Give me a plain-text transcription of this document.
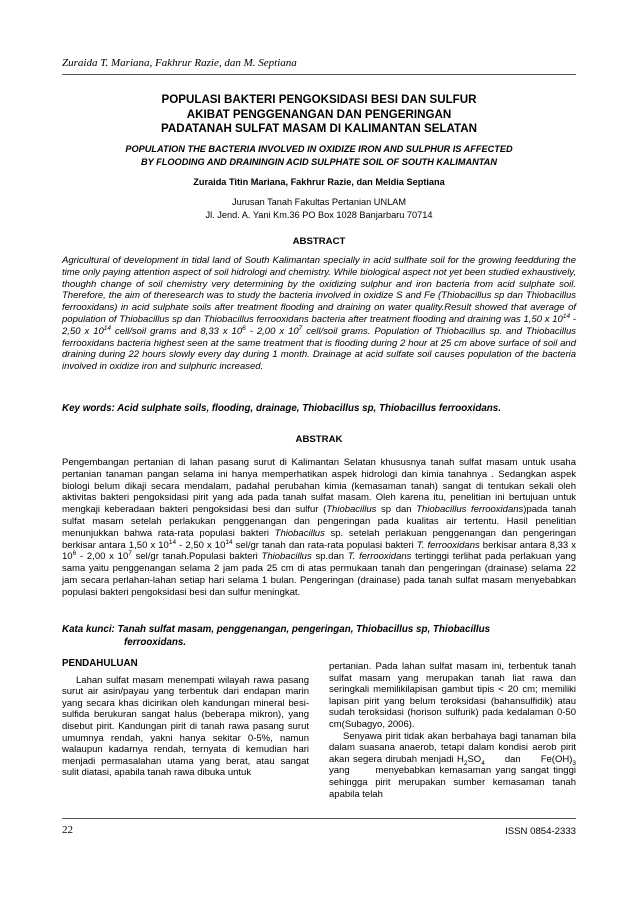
Zuraida T. Mariana, Fakhrur Razie, dan M. Septiana
POPULASI BAKTERI PENGOKSIDASI BESI DAN SULFUR
AKIBAT PENGGENANGAN DAN PENGERINGAN
PADATANAH SULFAT MASAM DI KALIMANTAN SELATAN
POPULATION THE BACTERIA INVOLVED IN OXIDIZE IRON AND SULPHUR IS AFFECTED
BY FLOODING AND DRAININGIN ACID SULPHATE SOIL OF SOUTH KALIMANTAN
Zuraida Titin Mariana, Fakhrur Razie, dan Meldia Septiana
Jurusan Tanah Fakultas Pertanian UNLAM
Jl. Jend. A. Yani Km.36 PO Box 1028 Banjarbaru 70714
ABSTRACT
Agricultural of development in tidal land of South Kalimantan specially in acid sulfhate soil for the growing feedduring the time only paying attention aspect of soil hidrologi and chemistry. While biological aspect not yet been studied exhaustively, thoughh change of soil chemistry very determining by the oxidizing sulphur and iron bacteria from acid sulphate soil. Therefore, the aim of theresearch was to study the bacteria involved in oxidize S and Fe (Thiobacillus sp dan Thiobacillus ferrooxidans) in acid sulphate soils after treatment flooding and draining on water quality.Result showed that average of population of Thiobacillus sp dan Thiobacillus ferrooxidans bacteria after treatment flooding and draining was 1,50 x $10^{14} - 2,50$ x $10^{14}$ cell/soil grams and 8,33 x $10^6 - 2,00$ x $10^7$ cell/soil grams. Population of Thiobacillus sp. and Thiobacillus ferrooxidans bacteria highest seen at the same treatment that is flooding during 2 hour at 25 cm above surface of soil and draining during 22 hours slowly every day during 1 month. Drainage at acid sulfate soil causes population of the bacteria involved in oxidize iron and sulphuric increased.
Key words: Acid sulphate soils, flooding, drainage, Thiobacillus sp, Thiobacillus ferrooxidans.
ABSTRAK
Pengembangan pertanian di lahan pasang surut di Kalimantan Selatan khususnya tanah sulfat masam untuk usaha pertanian tanaman pangan selama ini hanya memperhatikan aspek hidrologi dan kimia tanahnya . Sedangkan aspek biologi belum dikaji secara mendalam, padahal perubahan kimia (kemasaman tanah) sangat di tentukan sekali oleh aktivitas bakteri pengoksidasi pirit yang ada pada tanah sulfat masam. Oleh karena itu, penelitian ini bertujuan untuk mengkaji keberadaan bakteri pengoksidasi besi dan sulfur (Thiobacillus sp dan Thiobacillus ferrooxidans)pada tanah sulfat masam setelah perlakukan penggenangan dan pengeringan pada kualitas air tertentu. Hasil penelitian menunjukkan bahwa rata-rata populasi bakteri Thiobacillus sp. setelah perlakuan penggenangan dan pengeringan berkisar antara 1,50 x $10^{14} - 2,50$ x $10^{14}$ sel/gr tanah dan rata-rata populasi bakteri T. ferrooxidans berkisar antara 8,33 x $10^6 - 2,00$ x $10^7$ sel/gr tanah.Populasi bakteri Thiobacillus sp.dan T. ferrooxidans tertinggi terlihat pada perlakuan yang sama yaitu penggenangan selama 2 jam pada 25 cm di atas permukaan tanah dan pengeringan (drainase) selama 22 jam secara perlahan-lahan setiap hari selama 1 bulan. Pengeringan (drainase) pada tanah sulfat masam menyebabkan populasi bakteri pengoksidasi besi dan sulfur meningkat.
Kata kunci: Tanah sulfat masam, penggenangan, pengeringan, Thiobacillus sp, Thiobacillus
ferrooxidans.
PENDAHULUAN

Lahan sulfat masam menempati wilayah rawa pasang surut air asin/payau yang terbentuk dari endapan marin yang secara khas dicirikan oleh kandungan mineral besi-sulfida berukuran sangat halus (beberapa mikron), yang disebut pirit. Kandungan pirit di tanah rawa pasang surut umumnya rendah, yakni hanya sekitar 0-5%, namun walaupun kadarnya rendah, ternyata di kemudian hari menjadi permasalahan utama yang berat, atau sangat sulit diatasi, apabila tanah rawa dibuka untuk

pertanian. Pada lahan sulfat masam ini, terbentuk tanah sulfat masam yang merupakan tanah liat rawa dan seringkali memilikilapisan gambut tipis < 20 cm; memiliki lapisan pirit yang belum teroksidasi (bahansulfidik) atau sudah teroksidasi (horison sulfurik) pada kedalaman 0-50 cm(Subagyo, 2006).

Senyawa pirit tidak akan berbahaya bagi tanaman bila dalam suasana anaerob, tetapi dalam kondisi aerob pirit akan segera dirubah menjadi $H_2SO_4$      dan      $Fe(OH)_3$      yang      menyebabkan kemasaman yang sangat tinggi sehingga pirit merupakan sumber kemasaman tanah apabila telah

22	ISSN 0854-2333
